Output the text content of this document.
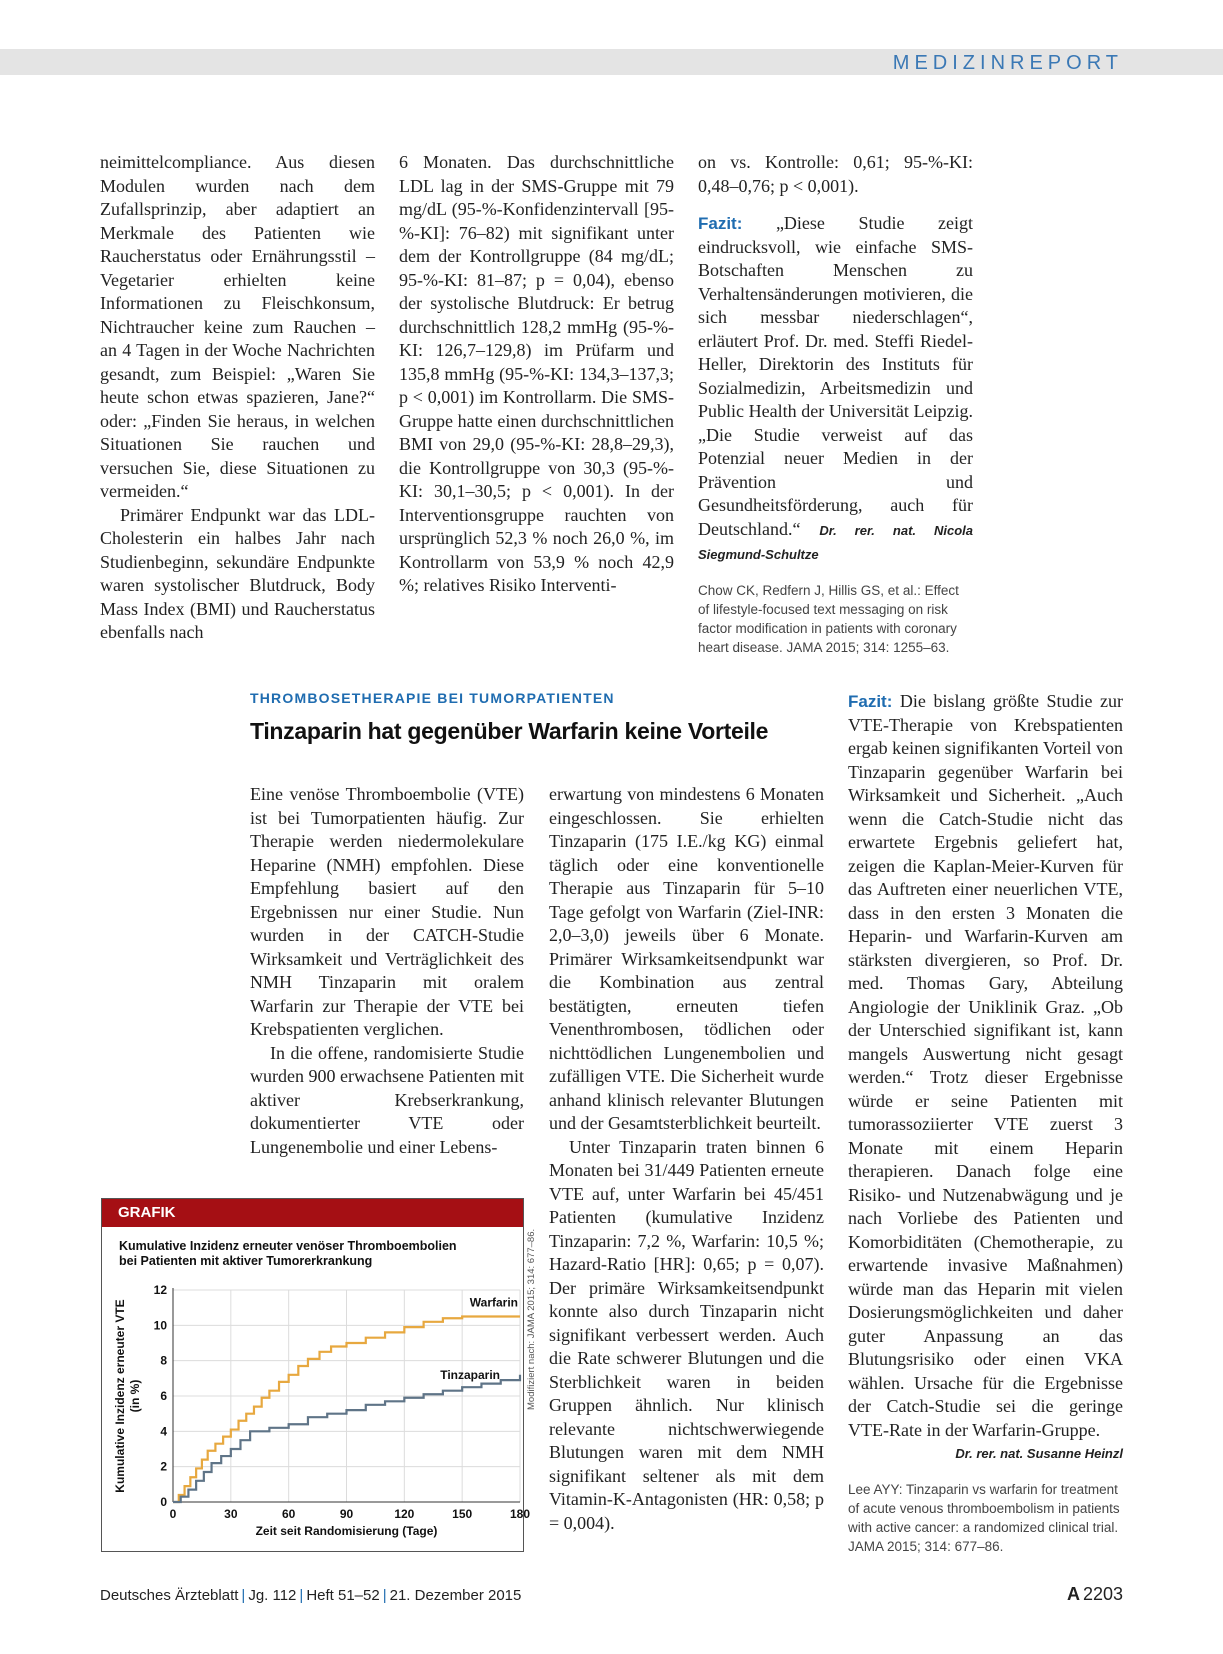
MEDIZINREPORT

neimittelcompliance. Aus diesen Modulen wurden nach dem Zufallsprinzip, aber adaptiert an Merkmale des Patienten wie Raucherstatus oder Ernährungsstil – Vegetarier erhielten keine Informationen zu Fleischkonsum, Nichtraucher keine zum Rauchen – an 4 Tagen in der Woche Nachrichten gesandt, zum Beispiel: „Waren Sie heute schon etwas spazieren, Jane?“ oder: „Finden Sie heraus, in welchen Situationen Sie rauchen und versuchen Sie, diese Situationen zu vermeiden.“

Primärer Endpunkt war das LDL-Cholesterin ein halbes Jahr nach Studienbeginn, sekundäre Endpunkte waren systolischer Blutdruck, Body Mass Index (BMI) und Raucherstatus ebenfalls nach

6 Monaten. Das durchschnittliche LDL lag in der SMS-Gruppe mit 79 mg/dL (95-%-Konfidenzintervall [95-%-KI]: 76–82) mit signifikant unter dem der Kontrollgruppe (84 mg/dL; 95-%-KI: 81–87; p = 0,04), ebenso der systolische Blutdruck: Er betrug durchschnittlich 128,2 mmHg (95-%-KI: 126,7–129,8) im Prüfarm und 135,8 mmHg (95-%-KI: 134,3–137,3; p < 0,001) im Kontrollarm. Die SMS-Gruppe hatte einen durchschnittlichen BMI von 29,0 (95-%-KI: 28,8–29,3), die Kontrollgruppe von 30,3 (95-%-KI: 30,1–30,5; p < 0,001). In der Interventionsgruppe rauchten von ursprünglich 52,3 % noch 26,0 %, im Kontrollarm von 53,9 % noch 42,9 %; relatives Risiko Interventi-

on vs. Kontrolle: 0,61; 95-%-KI: 0,48–0,76; p < 0,001).

Fazit: „Diese Studie zeigt eindrucksvoll, wie einfache SMS-Botschaften Menschen zu Verhaltensänderungen motivieren, die sich messbar niederschlagen“, erläutert Prof. Dr. med. Steffi Riedel-Heller, Direktorin des Instituts für Sozialmedizin, Arbeitsmedizin und Public Health der Universität Leipzig. „Die Studie verweist auf das Potenzial neuer Medien in der Prävention und Gesundheitsförderung, auch für Deutschland.“ Dr. rer. nat. Nicola Siegmund-Schultze

Chow CK, Redfern J, Hillis GS, et al.: Effect of lifestyle-focused text messaging on risk factor modification in patients with coronary heart disease. JAMA 2015; 314: 1255–63.
THROMBOSETHERAPIE BEI TUMORPATIENTEN
Tinzaparin hat gegenüber Warfarin keine Vorteile

Eine venöse Thromboembolie (VTE) ist bei Tumorpatienten häufig. Zur Therapie werden niedermolekulare Heparine (NMH) empfohlen. Diese Empfehlung basiert auf den Ergebnissen nur einer Studie. Nun wurden in der CATCH-Studie Wirksamkeit und Verträglichkeit des NMH Tinzaparin mit oralem Warfarin zur Therapie der VTE bei Krebspatienten verglichen.

In die offene, randomisierte Studie wurden 900 erwachsene Patienten mit aktiver Krebserkrankung, dokumentierter VTE oder Lungenembolie und einer Lebens-

erwartung von mindestens 6 Monaten eingeschlossen. Sie erhielten Tinzaparin (175 I.E./kg KG) einmal täglich oder eine konventionelle Therapie aus Tinzaparin für 5–10 Tage gefolgt von Warfarin (Ziel-INR: 2,0–3,0) jeweils über 6 Monate. Primärer Wirksamkeitsendpunkt war die Kombination aus zentral bestätigten, erneuten tiefen Venenthrombosen, tödlichen oder nichttödlichen Lungenembolien und zufälligen VTE. Die Sicherheit wurde anhand klinisch relevanter Blutungen und der Gesamtsterblichkeit beurteilt.

Unter Tinzaparin traten binnen 6 Monaten bei 31/449 Patienten erneute VTE auf, unter Warfarin bei 45/451 Patienten (kumulative Inzidenz Tinzaparin: 7,2 %, Warfarin: 10,5 %; Hazard-Ratio [HR]: 0,65; p = 0,07). Der primäre Wirksamkeitsendpunkt konnte also durch Tinzaparin nicht signifikant verbessert werden. Auch die Rate schwerer Blutungen und die Sterblichkeit waren in beiden Gruppen ähnlich. Nur klinisch relevante nichtschwerwiegende Blutungen waren mit dem NMH signifikant seltener als mit dem Vitamin-K-Antagonisten (HR: 0,58; p = 0,004).

Fazit: Die bislang größte Studie zur VTE-Therapie von Krebspatienten ergab keinen signifikanten Vorteil von Tinzaparin gegenüber Warfarin bei Wirksamkeit und Sicherheit. „Auch wenn die Catch-Studie nicht das erwartete Ergebnis geliefert hat, zeigen die Kaplan-Meier-Kurven für das Auftreten einer neuerlichen VTE, dass in den ersten 3 Monaten die Heparin- und Warfarin-Kurven am stärksten divergieren, so Prof. Dr. med. Thomas Gary, Abteilung Angiologie der Uniklinik Graz. „Ob der Unterschied signifikant ist, kann mangels Auswertung nicht gesagt werden.“ Trotz dieser Ergebnisse würde er seine Patienten mit tumorassoziierter VTE zuerst 3 Monate mit einem Heparin therapieren. Danach folge eine Risiko- und Nutzenabwägung und je nach Vorliebe des Patienten und Komorbiditäten (Chemotherapie, zu erwartende invasive Maßnahmen) würde man das Heparin mit vielen Dosierungsmöglichkeiten und daher guter Anpassung an das Blutungsrisiko oder einen VKA wählen. Ursache für die Ergebnisse der Catch-Studie sei die geringe VTE-Rate in der Warfarin-Gruppe.

Dr. rer. nat. Susanne Heinzl
Lee AYY: Tinzaparin vs warfarin for treatment of acute venous thromboembolism in patients with active cancer: a randomized clinical trial. JAMA 2015; 314: 677–86.
GRAFIK
Kumulative Inzidenz erneuter venöser Thromboembolien
bei Patienten mit aktiver Tumorerkrankung
0
2
4
6
8
10
12
0	30	60	90	120	150	180
Warfarin
Tinzaparin
Zeit seit Randomisierung (Tage)
Kumulative Inzidenz erneuter VTE(in %)	Modifiziert nach: JAMA 2015; 314: 677–86.
Deutsches Ärzteblatt | Jg. 112 | Heft 51–52 | 21. Dezember 2015	A 2203
